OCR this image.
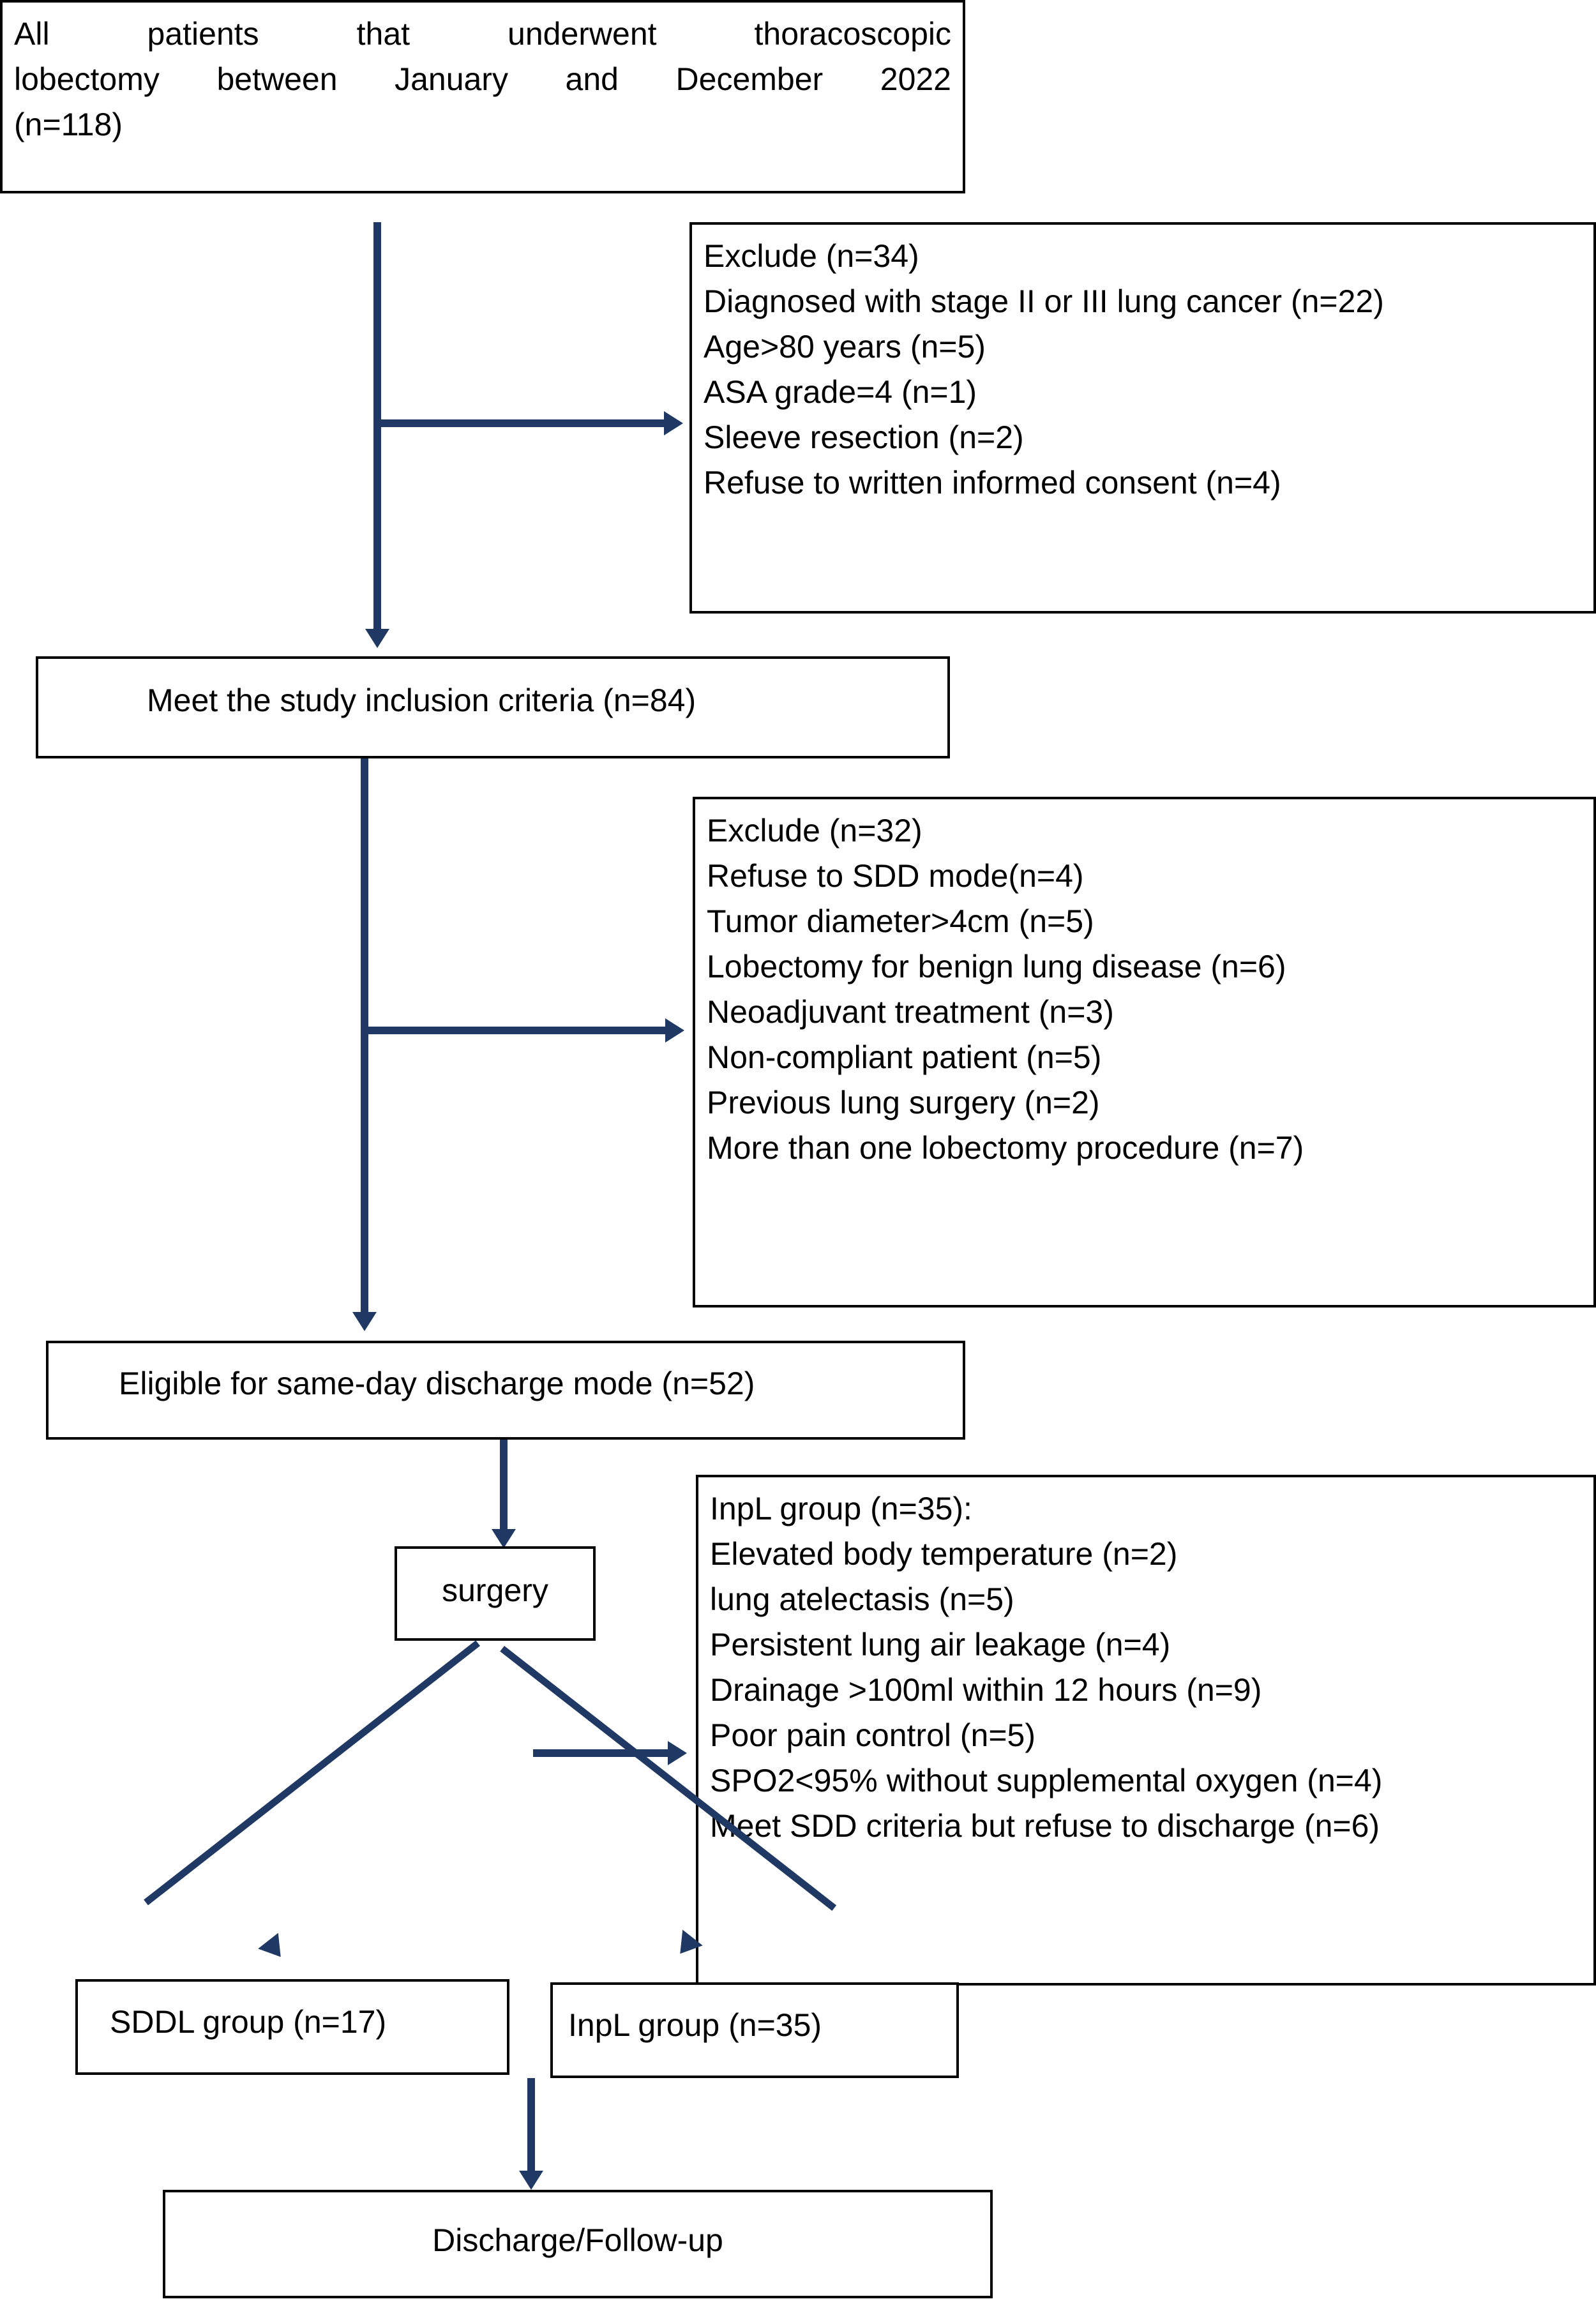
All patients that underwent thoracoscopic
lobectomy between January and December 2022
(n=118)
Exclude (n=34)
Diagnosed with stage II or III lung cancer (n=22)
Age>80 years (n=5)
ASA grade=4 (n=1)
Sleeve resection (n=2)
Refuse to written informed consent (n=4)
Meet the study inclusion criteria (n=84)
Exclude (n=32)
Refuse to SDD mode(n=4)
Tumor diameter>4cm (n=5)
Lobectomy for benign lung disease (n=6)
Neoadjuvant treatment (n=3)
Non-compliant patient (n=5)
Previous lung surgery (n=2)
More than one lobectomy procedure (n=7)
Eligible for same-day discharge mode (n=52)
surgery
InpL group (n=35):
Elevated body temperature (n=2)
lung atelectasis (n=5)
Persistent lung air leakage (n=4)
Drainage >100ml within 12 hours (n=9)
Poor pain control (n=5)
SPO2<95% without supplemental oxygen (n=4)
Meet SDD criteria but refuse to discharge (n=6)
SDDL group (n=17)	InpL group (n=35)
Discharge/Follow-up
